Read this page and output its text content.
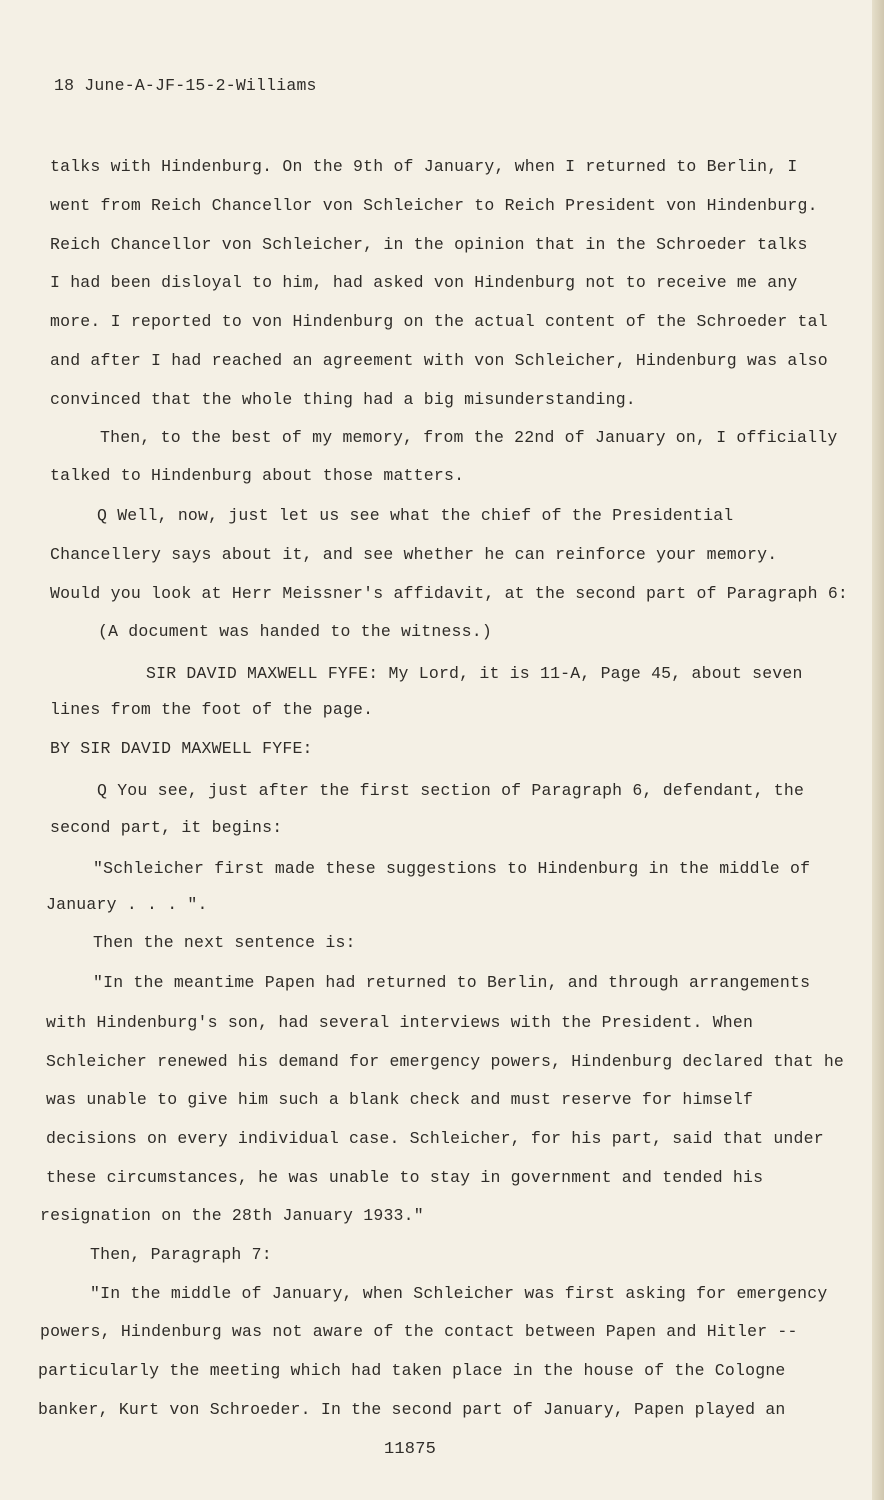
18 June-A-JF-15-2-Williams
talks with Hindenburg. On the 9th of January, when I returned to Berlin, I
went from Reich Chancellor von Schleicher to Reich President von Hindenburg.
Reich Chancellor von Schleicher, in the opinion that in the Schroeder talks
I had been disloyal to him, had asked von Hindenburg not to receive me any
more. I reported to von Hindenburg on the actual content of the Schroeder tal
and after I had reached an agreement with von Schleicher, Hindenburg was also
convinced that the whole thing had a big misunderstanding.
Then, to the best of my memory, from the 22nd of January on, I officially
talked to Hindenburg about those matters.
Q Well, now, just let us see what the chief of the Presidential
Chancellery says about it, and see whether he can reinforce your memory.
Would you look at Herr Meissner's affidavit, at the second part of Paragraph 6:
(A document was handed to the witness.)
SIR DAVID MAXWELL FYFE: My Lord, it is 11-A, Page 45, about seven
lines from the foot of the page.
BY SIR DAVID MAXWELL FYFE:
Q You see, just after the first section of Paragraph 6, defendant, the
second part, it begins:
"Schleicher first made these suggestions to Hindenburg in the middle of
January . . . ".
Then the next sentence is:
"In the meantime Papen had returned to Berlin, and through arrangements
with Hindenburg's son, had several interviews with the President. When
Schleicher renewed his demand for emergency powers, Hindenburg declared that he
was unable to give him such a blank check and must reserve for himself
decisions on every individual case. Schleicher, for his part, said that under
these circumstances, he was unable to stay in government and tended his
resignation on the 28th January 1933."
Then, Paragraph 7:
"In the middle of January, when Schleicher was first asking for emergency
powers, Hindenburg was not aware of the contact between Papen and Hitler --
particularly the meeting which had taken place in the house of the Cologne
banker, Kurt von Schroeder. In the second part of January, Papen played an
11875
